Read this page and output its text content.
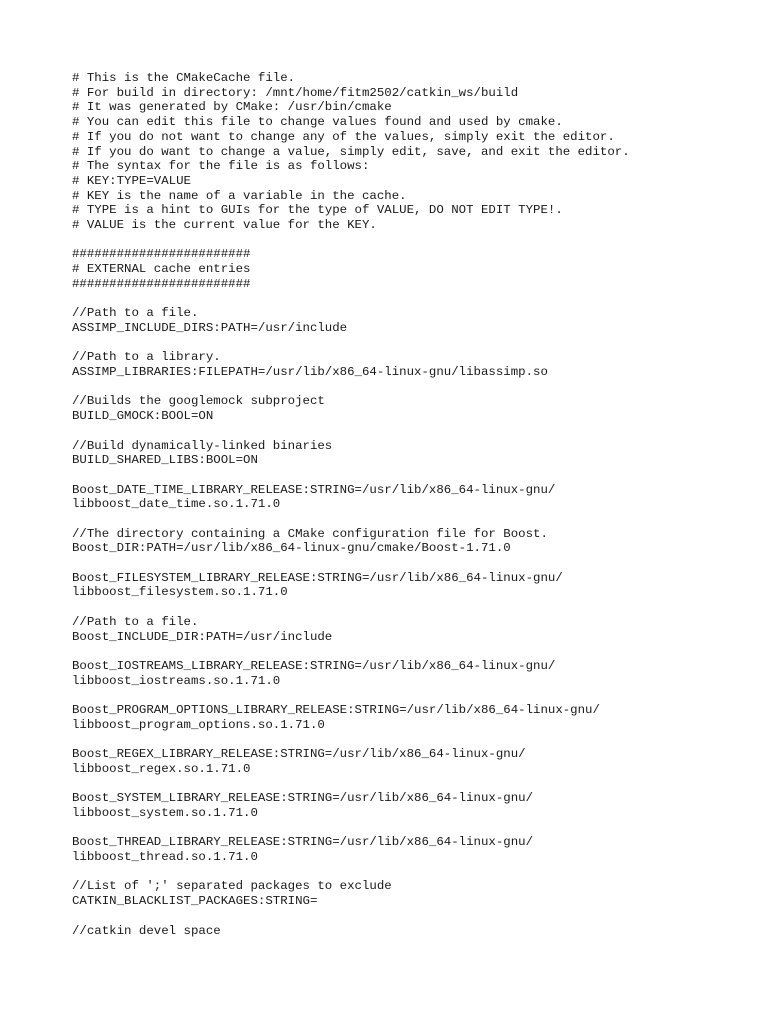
# This is the CMakeCache file.
# For build in directory: /mnt/home/fitm2502/catkin_ws/build
# It was generated by CMake: /usr/bin/cmake
# You can edit this file to change values found and used by cmake.
# If you do not want to change any of the values, simply exit the editor.
# If you do want to change a value, simply edit, save, and exit the editor.
# The syntax for the file is as follows:
# KEY:TYPE=VALUE
# KEY is the name of a variable in the cache.
# TYPE is a hint to GUIs for the type of VALUE, DO NOT EDIT TYPE!.
# VALUE is the current value for the KEY.
########################
# EXTERNAL cache entries
########################
//Path to a file.
ASSIMP_INCLUDE_DIRS:PATH=/usr/include
//Path to a library.
ASSIMP_LIBRARIES:FILEPATH=/usr/lib/x86_64-linux-gnu/libassimp.so
//Builds the googlemock subproject
BUILD_GMOCK:BOOL=ON
//Build dynamically-linked binaries
BUILD_SHARED_LIBS:BOOL=ON
Boost_DATE_TIME_LIBRARY_RELEASE:STRING=/usr/lib/x86_64-linux-gnu/
libboost_date_time.so.1.71.0
//The directory containing a CMake configuration file for Boost.
Boost_DIR:PATH=/usr/lib/x86_64-linux-gnu/cmake/Boost-1.71.0
Boost_FILESYSTEM_LIBRARY_RELEASE:STRING=/usr/lib/x86_64-linux-gnu/
libboost_filesystem.so.1.71.0
//Path to a file.
Boost_INCLUDE_DIR:PATH=/usr/include
Boost_IOSTREAMS_LIBRARY_RELEASE:STRING=/usr/lib/x86_64-linux-gnu/
libboost_iostreams.so.1.71.0
Boost_PROGRAM_OPTIONS_LIBRARY_RELEASE:STRING=/usr/lib/x86_64-linux-gnu/
libboost_program_options.so.1.71.0
Boost_REGEX_LIBRARY_RELEASE:STRING=/usr/lib/x86_64-linux-gnu/
libboost_regex.so.1.71.0
Boost_SYSTEM_LIBRARY_RELEASE:STRING=/usr/lib/x86_64-linux-gnu/
libboost_system.so.1.71.0
Boost_THREAD_LIBRARY_RELEASE:STRING=/usr/lib/x86_64-linux-gnu/
libboost_thread.so.1.71.0
//List of ';' separated packages to exclude
CATKIN_BLACKLIST_PACKAGES:STRING=
//catkin devel space
